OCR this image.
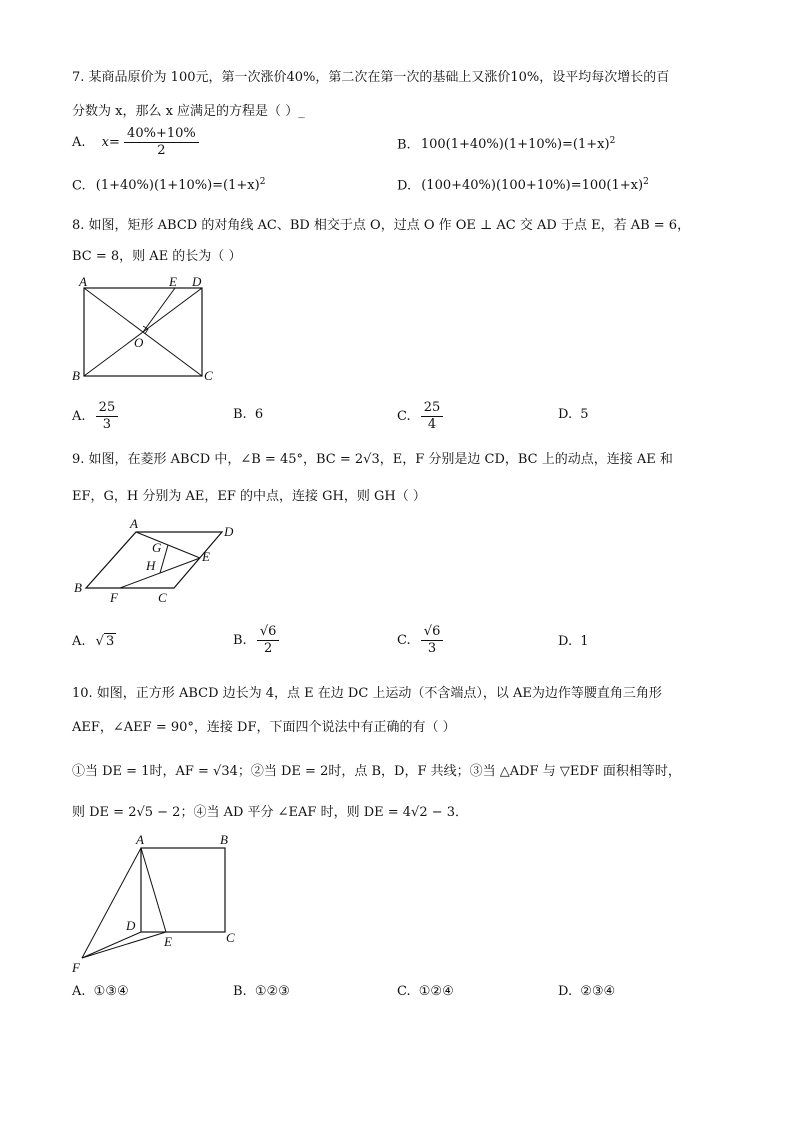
7. 某商品原价为 100元，第一次涨价40%，第二次在第一次的基础上又涨价10%，设平均每次增长的百
分数为 x，那么 x 应满足的方程是（ ）_
A. $x= \frac{40\%+10\%}{2}$	B. $100(1+40\%)(1+10\%)=(1+x)^2$
C. $(1+40\%)(1+10\%)=(1+x)^2$	D. $(100+40\%)(100+10\%)=100(1+x)^2$
8. 如图，矩形 ABCD 的对角线 AC、BD 相交于点 O，过点 O 作 OE ⊥ AC 交 AD 于点 E，若 AB = 6，
BC = 8，则 AE 的长为（ ）
A	E D
O
B	C
A. $\frac{25}{3}$	B. 6	C. $\frac{25}{4}$	D. 5
9. 如图，在菱形 ABCD 中，∠B = 45°，BC = 2√3，E，F 分别是边 CD，BC 上的动点，连接 AE 和
EF，G，H 分别为 AE，EF 的中点，连接 GH，则 GH（ ）
A
D
G
E
H
B
F	C
A. √ 3	B. $\frac{√6}{2}$	C. $\frac{√6}{3}$	D. 1
10. 如图，正方形 ABCD 边长为 4，点 E 在边 DC 上运动（不含端点），以 AE为边作等腰直角三角形
AEF，∠AEF = 90°，连接 DF，下面四个说法中有正确的有（ ）
①当 DE = 1时，AF = √34；②当 DE = 2时，点 B，D，F 共线；③当 △ADF 与 ▽EDF 面积相等时，
则 DE = 2√5 − 2；④当 AD 平分 ∠EAF 时，则 DE = 4√2 − 3．
A	B
D
E	C
F
A. ①③④	B. ①②③	C. ①②④	D. ②③④
